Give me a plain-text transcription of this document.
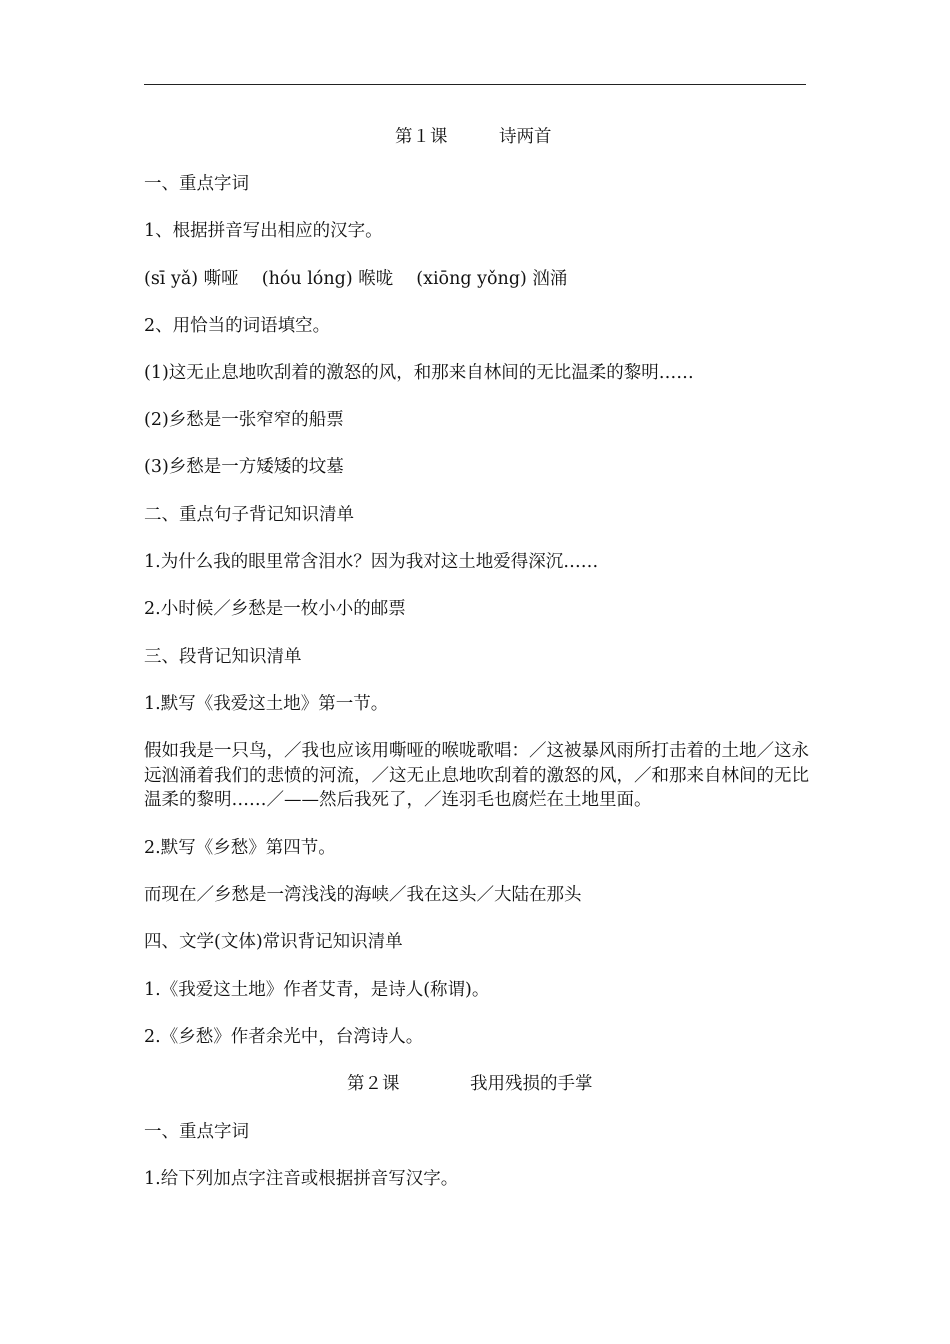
第１课	诗两首
一、重点字词
1、根据拼音写出相应的汉字。
(sī yǎ) 嘶哑　 (hóu lóng) 喉咙　 (xiōng yǒng) 汹涌
2、用恰当的词语填空。
(1)这无止息地吹刮着的激怒的风，和那来自林间的无比温柔的黎明……
(2)乡愁是一张窄窄的船票
(3)乡愁是一方矮矮的坟墓
二、重点句子背记知识清单
1.为什么我的眼里常含泪水？因为我对这土地爱得深沉……
2.小时候／乡愁是一枚小小的邮票
三、段背记知识清单
1.默写《我爱这土地》第一节。
假如我是一只鸟，／我也应该用嘶哑的喉咙歌唱：／这被暴风雨所打击着的土地／这永远汹涌着我们的悲愤的河流，／这无止息地吹刮着的激怒的风，／和那来自林间的无比温柔的黎明……／——然后我死了，／连羽毛也腐烂在土地里面。
2.默写《乡愁》第四节。
而现在／乡愁是一湾浅浅的海峡／我在这头／大陆在那头
四、文学(文体)常识背记知识清单
1.《我爱这土地》作者艾青，是诗人(称谓)。
2.《乡愁》作者余光中，台湾诗人。
第２课	我用残损的手掌
一、重点字词
1.给下列加点字注音或根据拼音写汉字。
